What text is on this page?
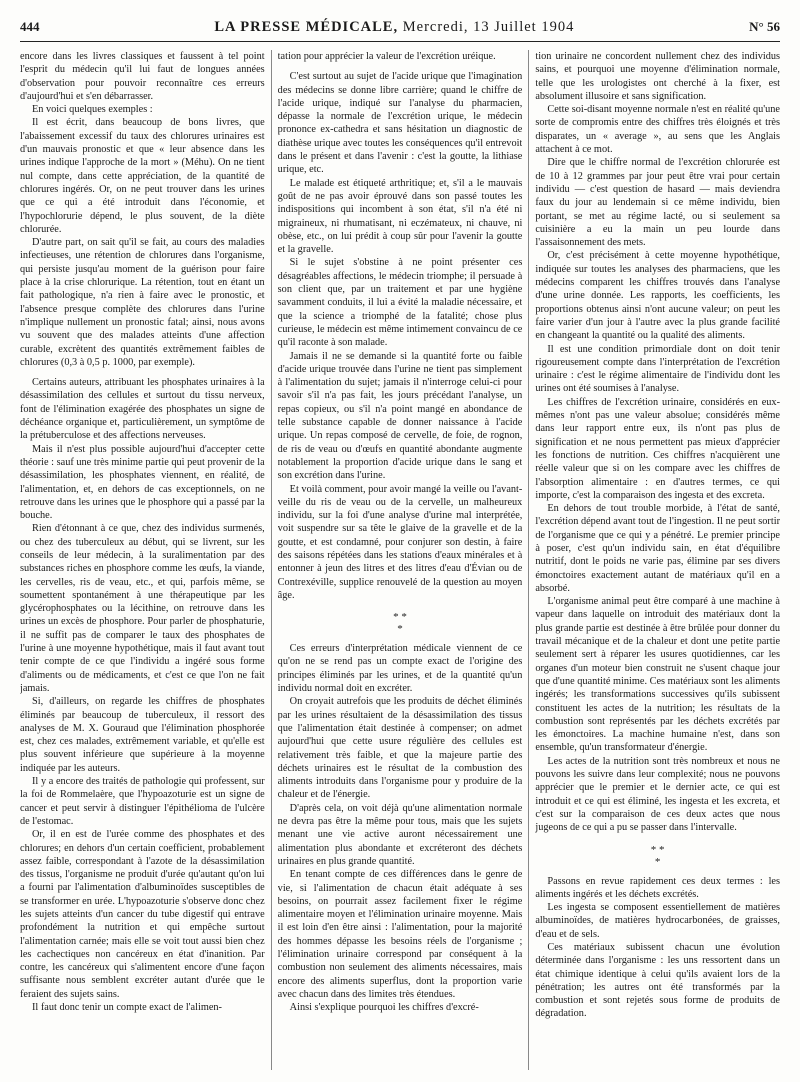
444	LA PRESSE MÉDICALE, Mercredi, 13 Juillet 1904	N° 56

encore dans les livres classiques et faussent à tel point l'esprit du médecin qu'il lui faut de longues années d'observation pour pouvoir reconnaître ces erreurs d'aujourd'hui et s'en débarrasser.

En voici quelques exemples :

Il est écrit, dans beaucoup de bons livres, que l'abaissement excessif du taux des chlorures urinaires est d'un mauvais pronostic et que « leur absence dans les urines indique l'approche de la mort » (Méhu). On ne tient nul compte, dans cette appréciation, de la quantité de chlorures ingérés. Or, on ne peut trouver dans les urines que ce qui a été introduit dans l'économie, et l'hypochlorurie dépend, le plus souvent, de la diète chlorurée.

D'autre part, on sait qu'il se fait, au cours des maladies infectieuses, une rétention de chlorures dans l'organisme, qui persiste jusqu'au moment de la guérison pour faire place à la crise chlorurique. La rétention, tout en étant un fait pathologique, n'a rien à faire avec le pronostic, et l'absence presque complète des chlorures dans l'urine n'implique nullement un pronostic fatal; ainsi, nous avons vu souvent que des malades atteints d'une affection curable, excrètent des quantités extrêmement faibles de chlorures (0,3 à 0,5 p. 1000, par exemple).

Certains auteurs, attribuant les phosphates urinaires à la désassimilation des cellules et surtout du tissu nerveux, font de l'élimination exagérée des phosphates un signe de déchéance organique et, particulièrement, un symptôme de la prétuberculose et des affections nerveuses.

Mais il n'est plus possible aujourd'hui d'accepter cette théorie : sauf une très minime partie qui peut provenir de la désassimilation, les phosphates viennent, en réalité, de l'alimentation, et, en dehors de cas exceptionnels, on ne retrouve dans les urines que le phosphore qui a passé par la bouche.

Rien d'étonnant à ce que, chez des individus surmenés, ou chez des tuberculeux au début, qui se livrent, sur les conseils de leur médecin, à la suralimentation par des substances riches en phosphore comme les œufs, la viande, les cervelles, ris de veau, etc., et qui, parfois même, se soumettent spontanément à une thérapeutique par les glycérophosphates ou la lécithine, on retrouve dans les urines un excès de phosphore. Pour parler de phosphaturie, il ne suffit pas de comparer le taux des phosphates de l'urine à une moyenne hypothétique, mais il faut avant tout tenir compte de ce que l'individu a ingéré sous forme d'aliments ou de médicaments, et c'est ce que l'on ne fait jamais.

Si, d'ailleurs, on regarde les chiffres de phosphates éliminés par beaucoup de tuberculeux, il ressort des analyses de M. X. Gouraud que l'élimination phosphorée est, chez ces malades, extrêmement variable, et qu'elle est plus souvent inférieure que supérieure à la moyenne indiquée par les auteurs.

Il y a encore des traités de pathologie qui professent, sur la foi de Rommelaère, que l'hypoazoturie est un signe de cancer et peut servir à distinguer l'épithélioma de l'ulcère de l'estomac.

Or, il en est de l'urée comme des phosphates et des chlorures; en dehors d'un certain coefficient, probablement assez faible, correspondant à l'azote de la désassimilation des tissus, l'organisme ne produit d'urée qu'autant qu'on lui a fourni par l'alimentation d'albuminoïdes susceptibles de se transformer en urée. L'hypoazoturie s'observe donc chez les sujets atteints d'un cancer du tube digestif qui entrave profondément la nutrition et qui empêche surtout l'alimentation carnée; mais elle se voit tout aussi bien chez les cachectiques non cancéreux en état d'inanition. Par contre, les cancéreux qui s'alimentent encore d'une façon suffisante nous semblent excréter autant d'urée que le feraient des sujets sains.

Il faut donc tenir un compte exact de l'alimen-

tation pour apprécier la valeur de l'excrétion uréique.

C'est surtout au sujet de l'acide urique que l'imagination des médecins se donne libre carrière; quand le chiffre de l'acide urique, indiqué sur l'analyse du pharmacien, dépasse la normale de l'excrétion urique, le médecin prononce ex-cathedra et sans hésitation un diagnostic de diathèse urique avec toutes les conséquences qu'il entrevoit dans le présent et dans l'avenir : c'est la goutte, la lithiase urique, etc.

Le malade est étiqueté arthritique; et, s'il a le mauvais goût de ne pas avoir éprouvé dans son passé toutes les indispositions qui incombent à son état, s'il n'a été ni migraineux, ni rhumatisant, ni eczémateux, ni chauve, ni obèse, etc., on lui prédit à coup sûr pour l'avenir la goutte et la gravelle.

Si le sujet s'obstine à ne point présenter ces désagréables affections, le médecin triomphe; il persuade à son client que, par un traitement et par une hygiène savamment conduits, il lui a évité la maladie nécessaire, et que la science a triomphé de la fatalité; chose plus curieuse, le médecin est même intimement convaincu de ce qu'il raconte à son malade.

Jamais il ne se demande si la quantité forte ou faible d'acide urique trouvée dans l'urine ne tient pas simplement à l'alimentation du sujet; jamais il n'interroge celui-ci pour savoir s'il n'a pas fait, les jours précédant l'analyse, un repas copieux, ou s'il n'a point mangé en abondance de telle substance capable de donner naissance à l'acide urique. Un repas composé de cervelle, de foie, de rognon, de ris de veau ou d'œufs en quantité abondante augmente notablement la proportion d'acide urique dans le sang et son excrétion dans l'urine.

Et voilà comment, pour avoir mangé la veille ou l'avant-veille du ris de veau ou de la cervelle, un malheureux individu, sur la foi d'une analyse d'urine mal interprétée, voit suspendre sur sa tête le glaive de la gravelle et de la goutte, et est condamné, pour conjurer son destin, à faire des saisons répétées dans les stations d'eaux minérales et à entonner à jeun des litres et des litres d'eau d'Évian ou de Contrexéville, supplice renouvelé de la question au moyen âge.

* *
*

Ces erreurs d'interprétation médicale viennent de ce qu'on ne se rend pas un compte exact de l'origine des principes éliminés par les urines, et de la quantité qu'un individu normal doit en excréter.

On croyait autrefois que les produits de déchet éliminés par les urines résultaient de la désassimilation des tissus que l'alimentation était destinée à compenser; on admet aujourd'hui que cette usure régulière des cellules est relativement très faible, et que la majeure partie des déchets urinaires est le résultat de la combustion des aliments introduits dans l'organisme pour y produire de la chaleur et de l'énergie.

D'après cela, on voit déjà qu'une alimentation normale ne devra pas être la même pour tous, mais que les sujets menant une vie active auront nécessairement une alimentation plus abondante et excréteront des déchets urinaires en plus grande quantité.

En tenant compte de ces différences dans le genre de vie, si l'alimentation de chacun était adéquate à ses besoins, on pourrait assez facilement fixer le régime alimentaire moyen et l'élimination urinaire moyenne. Mais il est loin d'en être ainsi : l'alimentation, pour la majorité des hommes dépasse les besoins réels de l'organisme ; l'élimination urinaire correspond par conséquent à la combustion non seulement des aliments nécessaires, mais encore des aliments superflus, dont la proportion varie avec chacun dans des limites très étendues.

Ainsi s'explique pourquoi les chiffres d'excré-

tion urinaire ne concordent nullement chez des individus sains, et pourquoi une moyenne d'élimination normale, telle que les urologistes ont cherché à la fixer, est absolument illusoire et sans signification.

Cette soi-disant moyenne normale n'est en réalité qu'une sorte de compromis entre des chiffres très éloignés et très disparates, un « average », au sens que les Anglais attachent à ce mot.

Dire que le chiffre normal de l'excrétion chlorurée est de 10 à 12 grammes par jour peut être vrai pour certain individu — c'est question de hasard — mais deviendra faux du jour au lendemain si ce même individu, bien portant, se met au régime lacté, ou si seulement sa cuisinière a eu la main un peu lourde dans l'assaisonnement des mets.

Or, c'est précisément à cette moyenne hypothétique, indiquée sur toutes les analyses des pharmaciens, que les médecins comparent les chiffres trouvés dans l'analyse d'une urine donnée. Les rapports, les coefficients, les proportions obtenus ainsi n'ont aucune valeur; on peut les faire varier d'un jour à l'autre avec la plus grande facilité en changeant la quantité ou la qualité des aliments.

Il est une condition primordiale dont on doit tenir rigoureusement compte dans l'interprétation de l'excrétion urinaire : c'est le régime alimentaire de l'individu dont les urines ont été soumises à l'analyse.

Les chiffres de l'excrétion urinaire, considérés en eux-mêmes n'ont pas une valeur absolue; considérés même dans leur rapport entre eux, ils n'ont pas plus de signification et ne nous permettent pas mieux d'apprécier les fonctions de nutrition. Ces chiffres n'acquièrent une réelle valeur que si on les compare avec les chiffres de l'absorption alimentaire : en d'autres termes, ce qui importe, c'est la comparaison des ingesta et des excreta.

En dehors de tout trouble morbide, à l'état de santé, l'excrétion dépend avant tout de l'ingestion. Il ne peut sortir de l'organisme que ce qui y a pénétré. Le premier principe à poser, c'est qu'un individu sain, en état d'équilibre nutritif, dont le poids ne varie pas, élimine par ses divers émonctoires exactement autant de matériaux qu'il en a absorbé.

L'organisme animal peut être comparé à une machine à vapeur dans laquelle on introduit des matériaux dont la plus grande partie est destinée à être brûlée pour donner du travail mécanique et de la chaleur et dont une petite partie seulement sert à réparer les usures quotidiennes, car les organes d'un moteur bien construit ne s'usent chaque jour que d'une quantité minime. Ces matériaux sont les aliments ingérés; les transformations successives qu'ils subissent constituent les actes de la nutrition; les résultats de la combustion sont représentés par les déchets excrétés par les émonctoires. La machine humaine n'est, dans son ensemble, qu'un transformateur d'énergie.

Les actes de la nutrition sont très nombreux et nous ne pouvons les suivre dans leur complexité; nous ne pouvons apprécier que le premier et le dernier acte, ce qui est introduit et ce qui est éliminé, les ingesta et les excreta, et c'est sur la comparaison de ces deux actes que nous jugeons de ce qui a pu se passer dans l'intervalle.

* *
*

Passons en revue rapidement ces deux termes : les aliments ingérés et les déchets excrétés.

Les ingesta se composent essentiellement de matières albuminoïdes, de matières hydrocarbonées, de graisses, d'eau et de sels.

Ces matériaux subissent chacun une évolution déterminée dans l'organisme : les uns ressortent dans un état chimique identique à celui qu'ils avaient lors de la pénétration; les autres ont été transformés par la combustion et sont rejetés sous forme de produits de dégradation.
